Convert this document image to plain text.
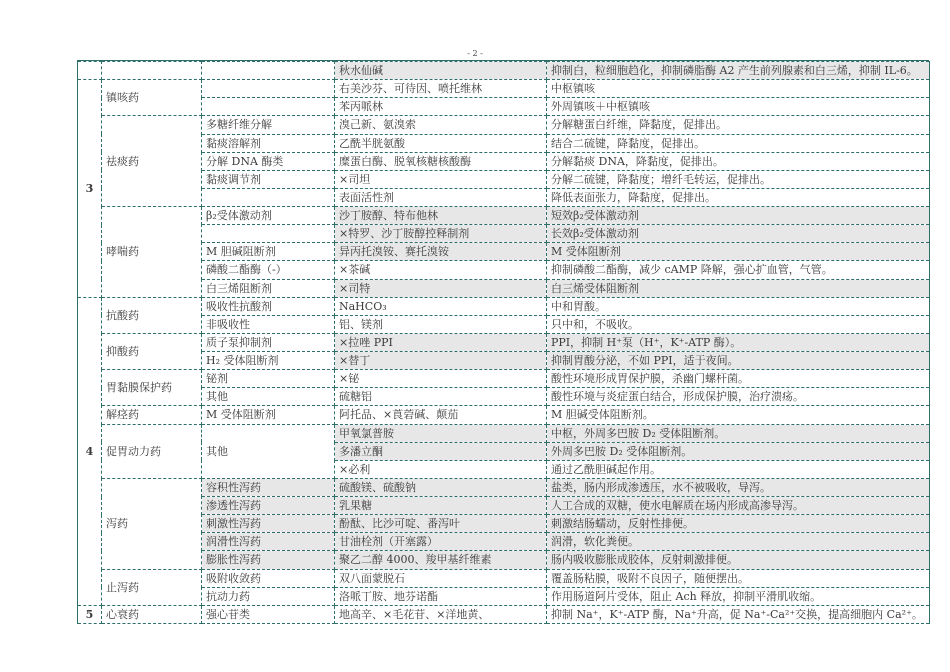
- 2 -
			秋水仙碱	抑制白，粒细胞趋化，抑制磷脂酶 A2 产生前列腺素和白三烯，抑制 IL-6。
3	镇咳药		右美沙芬、可待因、喷托维林	中枢镇咳
			苯丙哌林	外周镇咳＋中枢镇咳
	祛痰药	多糖纤维分解	溴己新、氨溴索	分解糖蛋白纤维，降黏度，促排出。
		黏痰溶解剂	乙酰半胱氨酸	结合二硫键，降黏度，促排出。
		分解 DNA 酶类	糜蛋白酶、脱氧核糖核酸酶	分解黏痰 DNA，降黏度，促排出。
		黏痰调节剂	×司坦	分解二硫键，降黏度；增纤毛转运，促排出。
			表面活性剂	降低表面张力，降黏度，促排出。
	哮喘药	β₂受体激动剂	沙丁胺醇、特布他林	短效β₂受体激动剂
			×特罗、沙丁胺醇控释制剂	长效β₂受体激动剂
		M 胆碱阻断剂	异丙托溴铵、赛托溴铵	M 受体阻断剂
		磷酸二酯酶（-）	×茶碱	抑制磷酸二酯酶，减少 cAMP 降解，强心扩血管，气管。
		白三烯阻断剂	×司特	白三烯受体阻断剂
4	抗酸药	吸收性抗酸剂	NaHCO₃	中和胃酸。
		非吸收性	铝、镁剂	只中和，不吸收。
	抑酸药	质子泵抑制剂	×拉唑 PPI	PPI，抑制 H⁺泵（H⁺，K⁺-ATP 酶）。
		H₂ 受体阻断剂	×替丁	抑制胃酸分泌，不如 PPI，适于夜间。
	胃黏膜保护药	铋剂	×铋	酸性环境形成胃保护膜，杀幽门螺杆菌。
		其他	硫糖铝	酸性环境与炎症蛋白结合，形成保护膜，治疗溃疡。
	解痉药	M 受体阻断剂	阿托品、×莨菪碱、颠茄	M 胆碱受体阻断剂。
	促胃动力药	其他	甲氧氯普胺	中枢，外周多巴胺 D₂ 受体阻断剂。
			多潘立酮	外周多巴胺 D₂ 受体阻断剂。
			×必利	通过乙酰胆碱起作用。
	泻药	容积性泻药	硫酸镁、硫酸钠	盐类，肠内形成渗透压，水不被吸收，导泻。
		渗透性泻药	乳果糖	人工合成的双糖，使水电解质在场内形成高渗导泻。
		刺激性泻药	酚酞、比沙可啶、番泻叶	刺激结肠蠕动，反射性排便。
		润滑性泻药	甘油栓剂（开塞露）	润滑，软化粪便。
		膨胀性泻药	聚乙二醇 4000、羧甲基纤维素	肠内吸收膨胀成胶体，反射刺激排便。
	止泻药	吸附收敛药	双八面蒙脱石	覆盖肠粘膜，吸附不良因子，随便摆出。
		抗动力药	洛哌丁胺、地芬诺酯	作用肠道阿片受体，阻止 Ach 释放，抑制平滑肌收缩。
5	心衰药	强心苷类	地高辛、×毛花苷、×洋地黄、	抑制 Na⁺，K⁺-ATP 酶，Na⁺升高，促 Na⁺-Ca²⁺交换，提高细胞内 Ca²⁺。
